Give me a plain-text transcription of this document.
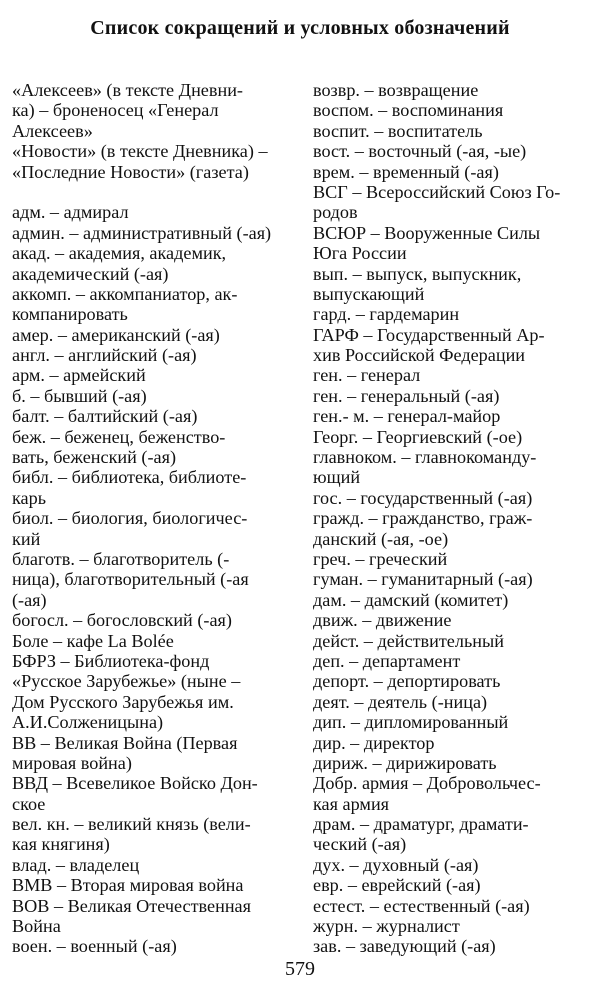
Список сокращений и условных обозначений
«Алексеев» (в тексте Дневни-
ка) – броненосец «Генерал
Алексеев»
«Новости» (в тексте Дневника) –
«Последние Новости» (газета)
адм. – адмирал
админ. – административный (-ая)
акад. – академия, академик,
академический (-ая)
аккомп. – аккомпаниатор, ак-
компанировать
амер. – американский (-ая)
англ. – английский (-ая)
арм. – армейский
б. – бывший (-ая)
балт. – балтийский (-ая)
беж. – беженец, беженство-
вать, беженский (-ая)
библ. – библиотека, библиоте-
карь
биол. – биология, биологичес-
кий
благотв. – благотворитель (-
ница), благотворительный (-ая
(-ая)
богосл. – богословский (-ая)
Боле – кафе La Bolée
БФРЗ – Библиотека-фонд
«Русское Зарубежье» (ныне –
Дом Русского Зарубежья им.
А.И.Солженицына)
ВВ – Великая Война (Первая
мировая война)
ВВД – Всевеликое Войско Дон-
ское
вел. кн. – великий князь (вели-
кая княгиня)
влад. – владелец
ВМВ – Вторая мировая война
ВОВ – Великая Отечественная
Война
воен. – военный (-ая)
возвр. – возвращение
воспом. – воспоминания
воспит. – воспитатель
вост. – восточный (-ая, -ые)
врем. – временный (-ая)
ВСГ – Всероссийский Союз Го-
родов
ВСЮР – Вооруженные Силы
Юга России
вып. – выпуск, выпускник,
выпускающий
гард. – гардемарин
ГАРФ – Государственный Ар-
хив Российской Федерации
ген. – генерал
ген. – генеральный (-ая)
ген.- м. – генерал-майор
Георг. – Георгиевский (-ое)
главноком. – главнокоманду-
ющий
гос. – государственный (-ая)
гражд. – гражданство, граж-
данский (-ая, -ое)
греч. – греческий
гуман. – гуманитарный (-ая)
дам. – дамский (комитет)
движ. – движение
дейст. – действительный
деп. – департамент
депорт. – депортировать
деят. – деятель (-ница)
дип. – дипломированный
дир. – директор
дириж. – дирижировать
Добр. армия – Добровольчес-
кая армия
драм. – драматург, драмати-
ческий (-ая)
дух. – духовный (-ая)
евр. – еврейский (-ая)
естест. – естественный (-ая)
журн. – журналист
зав. – заведующий (-ая)
579
